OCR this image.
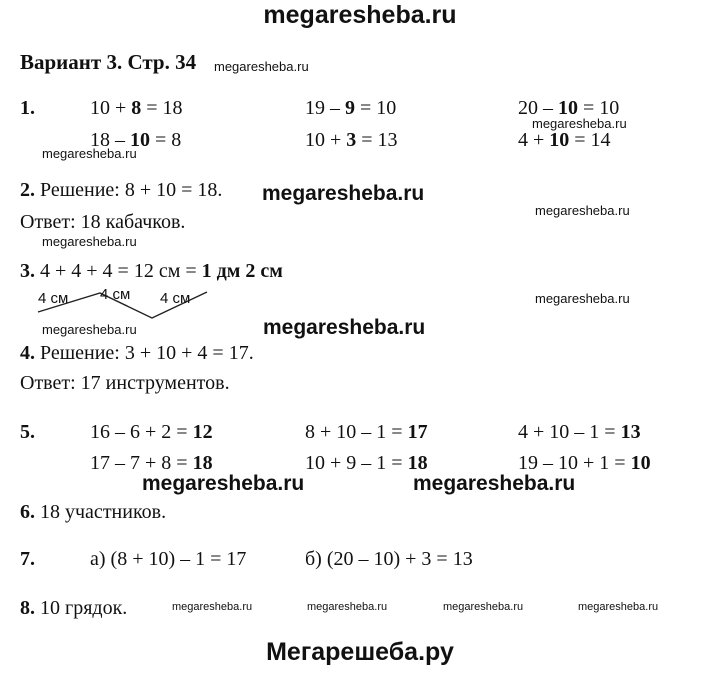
megaresheba.ru
Мегарешеба.ру
Вариант 3. Стр. 34
1.	10 + 8 = 18	19 – 9 = 10	20 – 10 = 10
18 – 10 = 8	10 + 3 = 13	4 + 10 = 14
2. Решение: 8 + 10 = 18.
Ответ: 18 кабачков.
3. 4 + 4 + 4 = 12 см = 1 дм 2 см
4 см 4 см 4 см
4. Решение: 3 + 10 + 4 = 17.
Ответ: 17 инструментов.
5.	16 – 6 + 2 = 12	8 + 10 – 1 = 17	4 + 10 – 1 = 13
17 – 7 + 8 = 18	10 + 9 – 1 = 18	19 – 10 + 1 = 10
6. 18 участников.
7.	а) (8 + 10) – 1 = 17	б) (20 – 10) + 3 = 13
8. 10 грядок.
megaresheba.ru
megaresheba.ru
megaresheba.ru
megaresheba.ru
megaresheba.ru
megaresheba.ru
megaresheba.ru
megaresheba.ru	megaresheba.ru	megaresheba.ru	megaresheba.ru
megaresheba.ru
megaresheba.ru
megaresheba.ru	megaresheba.ru
